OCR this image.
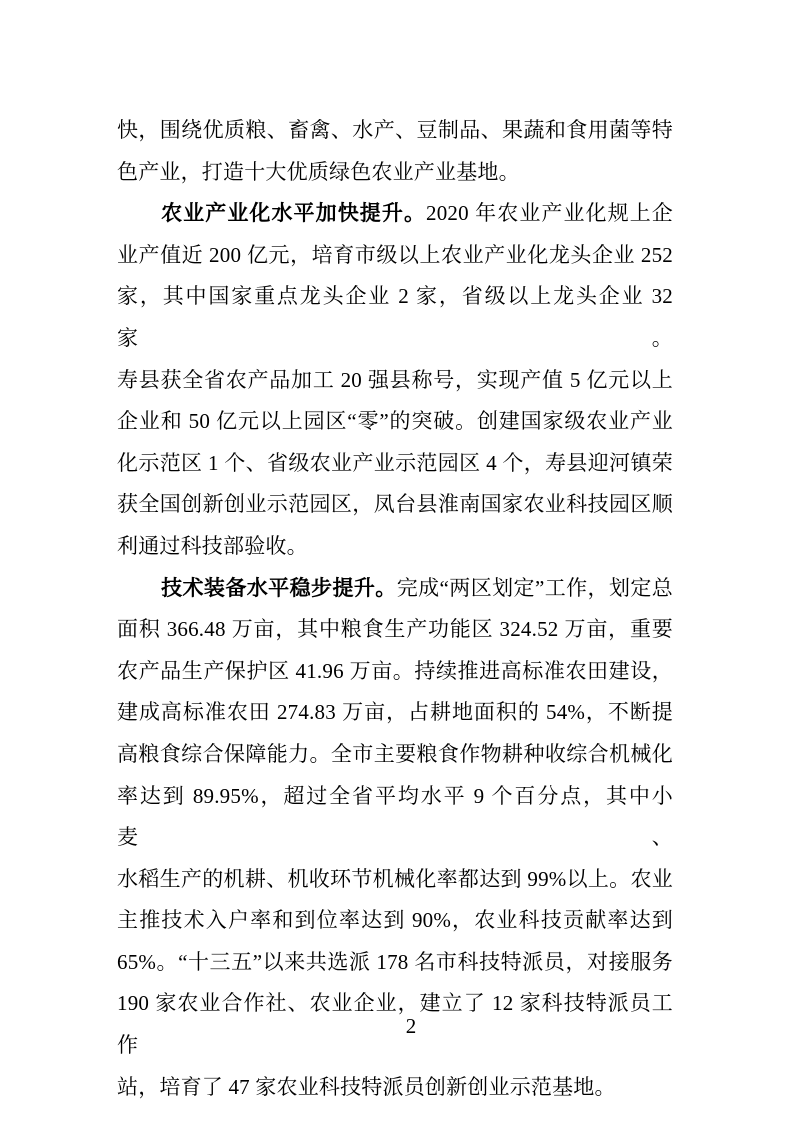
快，围绕优质粮、畜禽、水产、豆制品、果蔬和食用菌等特
色产业，打造十大优质绿色农业产业基地。
农业产业化水平加快提升。2020 年农业产业化规上企
业产值近 200 亿元，培育市级以上农业产业化龙头企业 252
家，其中国家重点龙头企业 2 家，省级以上龙头企业 32 家。
寿县获全省农产品加工 20 强县称号，实现产值 5 亿元以上
企业和 50 亿元以上园区“零”的突破。创建国家级农业产业
化示范区 1 个、省级农业产业示范园区 4 个，寿县迎河镇荣
获全国创新创业示范园区，凤台县淮南国家农业科技园区顺
利通过科技部验收。
技术装备水平稳步提升。完成“两区划定”工作，划定总
面积 366.48 万亩，其中粮食生产功能区 324.52 万亩，重要
农产品生产保护区 41.96 万亩。持续推进高标准农田建设，
建成高标准农田 274.83 万亩，占耕地面积的 54%，不断提
高粮食综合保障能力。全市主要粮食作物耕种收综合机械化
率达到 89.95%，超过全省平均水平 9 个百分点，其中小麦、
水稻生产的机耕、机收环节机械化率都达到 99%以上。农业
主推技术入户率和到位率达到 90%，农业科技贡献率达到
65%。“十三五”以来共选派 178 名市科技特派员，对接服务
190 家农业合作社、农业企业，建立了 12 家科技特派员工作
站，培育了 47 家农业科技特派员创新创业示范基地。
2
